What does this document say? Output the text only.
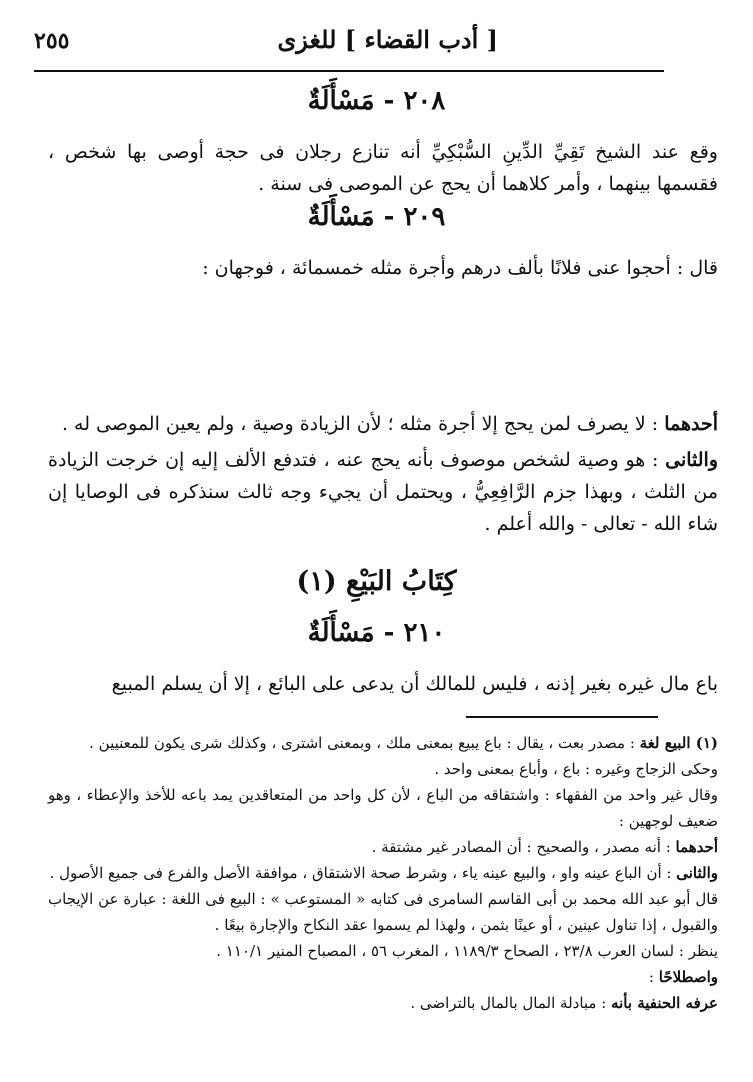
٢٥٥	[ أدب القضاء ] للغزى
٢٠٨ - مَسْأَلَةٌ

وقع عند الشيخ تَقِيِّ الدِّينِ السُّبْكِيِّ أنه تنازع رجلان فى حجة أوصى بها شخص ، فقسمها بينهما ، وأمر كلاهما أن يحج عن الموصى فى سنة .

٢٠٩ - مَسْأَلَةٌ

قال : أحجوا عنى فلانًا بألف درهم وأجرة مثله خمسمائة ، فوجهان :

أحدهما : لا يصرف لمن يحج إلا أجرة مثله ؛ لأن الزيادة وصية ، ولم يعين الموصى له .

والثانى : هو وصية لشخص موصوف بأنه يحج عنه ، فتدفع الألف إليه إن خرجت الزيادة من الثلث ، وبهذا جزم الرَّافِعِيُّ ، ويحتمل أن يجيء وجه ثالث سنذكره فى الوصايا إن شاء الله - تعالى - والله أعلم .

كِتَابُ البَيْعِ (١)
٢١٠ - مَسْأَلَةٌ

باع مال غيره بغير إذنه ، فليس للمالك أن يدعى على البائع ، إلا أن يسلم المبيع

(١) البيع لغة : مصدر بعت ، يقال : باع يبيع بمعنى ملك ، وبمعنى اشترى ، وكذلك شرى يكون للمعنيين .

وحكى الزجاج وغيره : باع ، وأباع بمعنى واحد .

وقال غير واحد من الفقهاء : واشتقاقه من الباع ، لأن كل واحد من المتعاقدين يمد باعه للأخذ والإعطاء ، وهو ضعيف لوجهين :

أحدهما : أنه مصدر ، والصحيح : أن المصادر غير مشتقة .

والثانى : أن الباع عينه واو ، والبيع عينه ياء ، وشرط صحة الاشتقاق ، موافقة الأصل والفرع فى جميع الأصول .

قال أبو عبد الله محمد بن أبى القاسم السامرى فى كتابه « المستوعب » : البيع فى اللغة : عبارة عن الإيجاب والقبول ، إذا تناول عينين ، أو عينًا بثمن ، ولهذا لم يسموا عقد النكاح والإجارة بيعًا .

ينظر : لسان العرب ٢٣/٨ ، الصحاح ١١٨٩/٣ ، المغرب ٥٦ ، المصباح المنير ١١٠/١ .

واصطلاحًا :

عرفه الحنفية بأنه : مبادلة المال بالمال بالتراضى .
